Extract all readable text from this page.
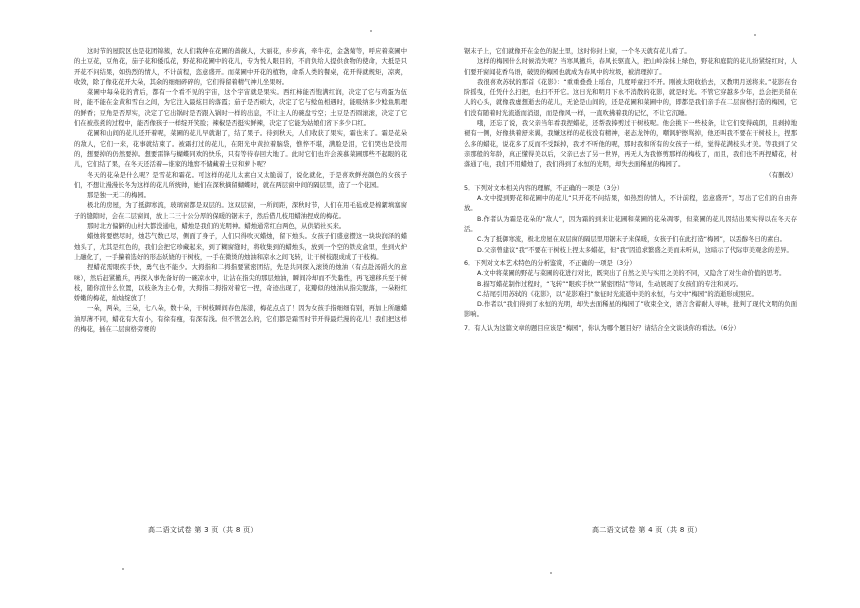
这时节的屋院区也是花团锦簇，农人们栽种在花圃的蔷薇人，大丽花，步步高，牵牛花，金盏菊等，呼应着菜圃中的土豆花，豆角花，茄子花和倭瓜花，野花和花圃中的花儿，专为悦人眼目的，不肩负给人提供食物的使命，大抵是只开花不问结果，如热烈的情人，不计前程，恣意盛开。而菜圃中开花的植物，命系人类的餐桌，花开得就规矩，凉爽，收敛，除了像花花开大朵，其余的细细碎碎的，它们得留着精气神儿坐果呀。

菜圃中每朵花的背后，都有一个看不见的宇宙，这个宇宙就是果实。西红柿能否饱满红润，决定了它与鸡蛋为伍时，能不能在金黄和雪白之间，为它注入最炫目的落霞；茄子是否硕大，决定了它与鲶鱼相遇时，能吸纳多少鲶鱼肌理的鲜香；豆角是否厚实，决定了它出锅时是否跟入锅时一样的出息，不让主人的碗盘亏空；土豆是否圆滚滚，决定了它们在被蒸煮的过程中，能否像孩子一样绽开笑脸；辣椒是否挺实鲜辣，决定了它能为姑娘们省下多少口红。

花圃和山间的花儿还开着呢，菜圃的花儿早就谢了，结了果子。待到秋天，人们收获了果实，霜也来了。霜是花朵的敌人，它们一来，花事就结束了。被霜打过的花儿，在阳光中黄拉着脑袋，憔悴不堪，满脸是泪，它们哭也是没用的，想要掉的仍然要掉。想要雷锋与蝴蝶同欢的快乐，只有等待春回大地了。此时它们也许会羡慕菜圃那些不起眼的花儿，它们结了果，在冬天还活着—谁家的地窖不储藏着土豆和萝卜呢？

冬天的花朵是什么呢？是雪花和霜花。可这样的花儿太素白又太脆弱了，说化就化，于是喜欢鲜亮颜色的女孩子们，不想让漫漫长冬为这样的花儿所统帅，她们在深秋摘留蝴蝶时，就在两层窗中间的隔层里，造了一个花园。

那是独一无二的梅园。

极北的房屋，为了抵御寒流，玻璃窗都是双层的。这双层窗，一所间距，深秋时节，人们在用毛毡或是棉絮填塞窗子的缝隙时，会在二层窗间，放上二三十公分厚的保暖的锯末子，然后借几枝用蜡油捏成的梅花。

那时北方偏僻的山村大都没通电，蜡烛是我们的光明神。蜡烛通常红白两色，从供销社买来。

蜡烛将要燃尽时，烛芯气数已尽，侧面了身子，人们只得吹灭蜡烛，留下烛头。女孩子们盛意攒这一块块润泽的蜡烛头了，尤其是红色的，我们会把它珍藏起来，到了糊窗缝时，将收集到的蜡烛头，放到一个空的铁皮盒里，坐到火炉上融化了，一手攥着选好的形态妖娆的干树枝，一手在微烫的烛油和凉水之间飞转，让干树枝跟成成了干枝梅。

捏蜡花需眼疾手快，勇气也不能少。大拇指和二拇指要紧密团结，先是共同探入滚烫的烛油（有点赴汤蹈火的意味），然后赶紧撤兵，再探入事先备好的一碗凉水中，让沾在指尖的那层烛油，瞬间冷却而不失黏性，再飞速移兵至干树枝，随你渲什么位置，以枝条为主心骨，大拇指二拇指对着它一捏，奇迹出现了，花瓣似的烛油从指尖脱落，一朵粉红娇嫩的梅花，灿灿绽放了！

一朵，两朵，三朵，七八朵，数十朵，干树枝瞬间春色荡漾，梅花点点了！因为女孩手指细细有别，再加上所融蜡油厚薄不同，蜡花有大有小，有徐有瘦，有深有浅。但不管怎么的，它们都是霜雪时节开得最烂漫的花儿！我们把这样的梅花，插在二层窗格旁赛的

高二语文试卷 第 3 页（共 8 页）

锯末子上，它们就像开在金色的泥土里，这时你封上窗，一个冬天就有花儿看了。

这样的梅园什么时候消失呢？当寒风撤兵，春风长驱直入，把山岭涂抹上绿色，野花和庭院的花儿纷紧绽红时，人们要开窗闻花香鸟语，破毁的梅园也就成为春风中的垃圾，被清理掉了。

我很喜欢苏轼的那首《花影》：“重重叠叠上瑶台，几度呼童扫不开。刚被太阳收拾去，又教明月送将来。”花影在台阶摇曳，任凭什么扫把，也扫不开它。这日光和明月下永不消散的花影，就是时光。不管它穿越多少年，总会把美留在人的心头，就像我虚想逝去的花儿，无论是山间的，还是花圃和菜圃中的，即都是我们亲手在二层窗格打造的梅园，它们没有随着时光流逝而消退，而是像风一样，一直吹拂着我的记忆，不让它沉睡。

哦，还忘了说，我父亲当年看我捏蜡花，还帮我捧剪过干树枝呢。他会挑下一些枝条，让它们变得疏朗，且剥掉地褪有一侧，好像拱着舒来翼，我嫌这样的花枝没有精神，老态龙钟的，嘲讽驴擦骂掉，他还叫我不要在干树枝上，捏那么多的蜡花，说花多了反而不受踩掉，我才不听他的呢，那时我和所有的女孩子一样，觉得花满枝头才美。等我到了父亲那般的年龄，真正懂得美以后，父亲已去了另一世界，再无人为我修剪那样的梅枝了，而且，我们也不再捏蜡花，村落通了电，我们不用蜡烛了，我们得到了永恒的光明，却失去面稀星的梅园了。

（有删改）

5．下列对文本相关内容的理解，不正确的一项是（3分）

A.文中提到野花和花圃中的花儿“只开花不问结果，如热烈的情人，不计前程，恣意盛开”，写出了它们的自由奔放。

B.作者认为霜是花朵的“敌人”，因为霜的到来让花圃和菜圃的花朵凋零，但菜圃的花儿因结出果实得以在冬天存活。

C.为了抵御寒流，极北房屋在双层窗的隔层里用锯末子来保暖，女孩子们在此打造“梅园”，以丢醇冬日的素白。

D.父亲曾建议“我”不要在干树枝上捏太多蜡花，但“我”因追求繁盛之美而未听从，这暗示了代际审美观念的差异。

6．下列对文本艺术特色的分析鉴赏，不正确的一项是（3分）

A.文中将菜圃的野花与菜圃的花进行对比，既突出了自然之美与实用之美的不同，又隐含了对生命价值的思考。

B.描写蜡花制作过程时，“飞转”“眼疾手快”“紧密团结”等词，生动展现了女孩们的专注和灵巧。

C.结尾引用苏轼的《花影》，以“花影难扫”象征时光流逝中美的永恒，与文中“梅园”的消逝形成照应。

D.作者以“我们得到了永恒的光明，却失去面稀星的梅园了”收束全文，语言含蓄耐人寻味，批判了现代文明的负面影响。

7．有人认为这篇文章的题目应该是“梅园”，你认为哪个题目好？请结合全文谈谈你的看法。（6分）

高二语文试卷 第 4 页（共 8 页）
